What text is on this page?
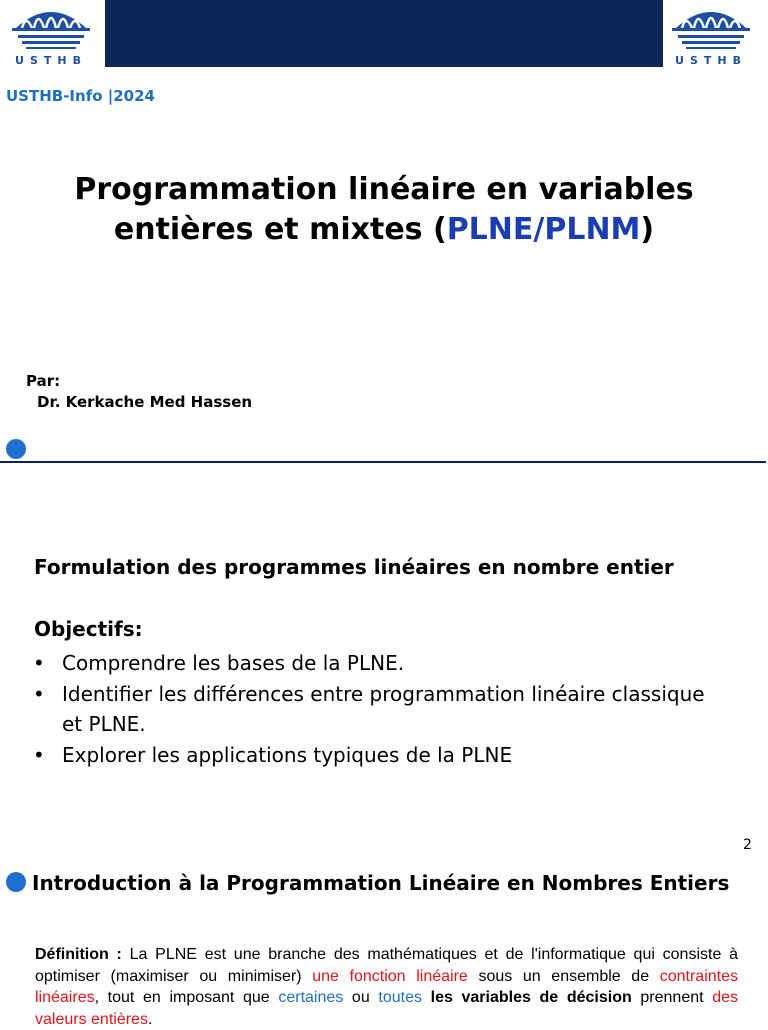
USTHB	USTHB
USTHB-Info |2024
Programmation linéaire en variables
entières et mixtes (PLNE/PLNM)
Par:
Dr. Kerkache Med Hassen
Formulation des programmes linéaires en nombre entier
Objectifs:
• Comprendre les bases de la PLNE.
• Identifier les différences entre programmation linéaire classique et PLNE.
• Explorer les applications typiques de la PLNE
2
Introduction à la Programmation Linéaire en Nombres Entiers
Définition : La PLNE est une branche des mathématiques et de l'informatique qui consiste à optimiser (maximiser ou minimiser) une fonction linéaire sous un ensemble de contraintes linéaires, tout en imposant que certaines ou toutes les variables de décision prennent des valeurs entières.
